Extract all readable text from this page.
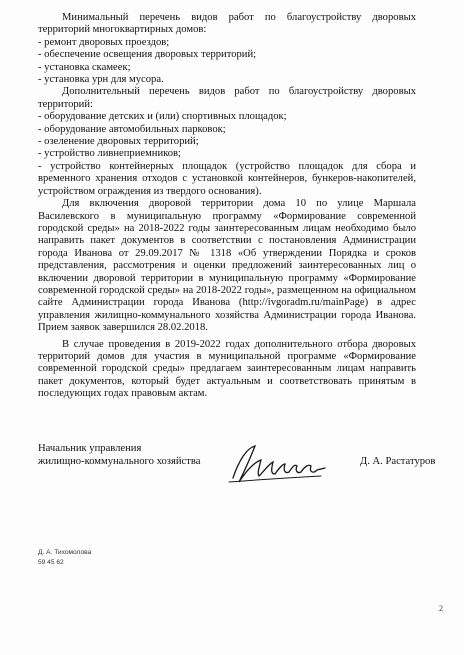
Минимальный перечень видов работ по благоустройству дворовых территорий многоквартирных домов:

- ремонт дворовых проездов;

- обеспечение освещения дворовых территорий;

- установка скамеек;

- установка урн для мусора.

Дополнительный перечень видов работ по благоустройству дворовых территорий:

- оборудование детских и (или) спортивных площадок;

- оборудование автомобильных парковок;

- озеленение дворовых территорий;

- устройство ливнеприемников;

- устройство контейнерных площадок (устройство площадок для сбора и временного хранения отходов с установкой контейнеров, бункеров-накопителей, устройством ограждения из твердого основания).

Для включения дворовой территории дома 10 по улице Маршала Василевского в муниципальную программу «Формирование современной городской среды» на 2018-2022 годы заинтересованным лицам необходимо было направить пакет документов в соответствии с постановления Администрации города Иванова от 29.09.2017 № 1318 «Об утверждении Порядка и сроков представления, рассмотрения и оценки предложений заинтересованных лиц о включении дворовой территории в муниципальную программу «Формирование современной городской среды» на 2018-2022 годы», размещенном на официальном сайте Администрации города Иванова (http://ivgoradm.ru/mainPage) в адрес управления жилищно-коммунального хозяйства Администрации города Иванова. Прием заявок завершился 28.02.2018.

В случае проведения в 2019-2022 годах дополнительного отбора дворовых территорий домов для участия в муниципальной программе «Формирование современной городской среды» предлагаем заинтересованным лицам направить пакет документов, который будет актуальным и соответствовать принятым в последующих годах правовым актам.

Начальник управления
жилищно-коммунального хозяйства	Д. А. Растатуров
Д. А. Тихомолова
59 45 62
2
